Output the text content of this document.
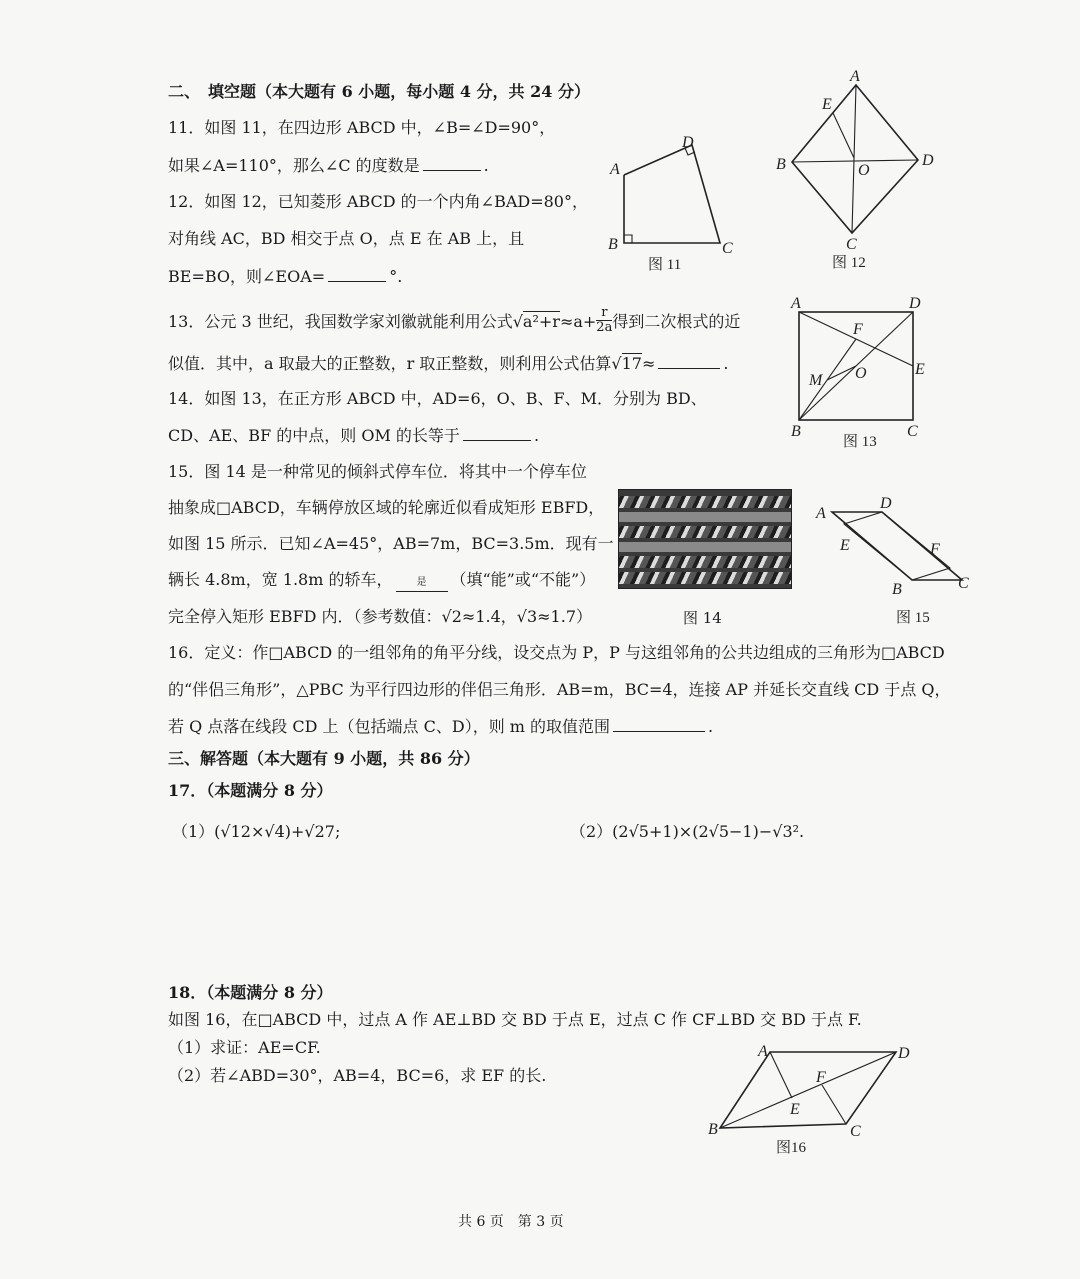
二、　填空题（本大题有 6 小题，每小题 4 分，共 24 分）
11．如图 11，在四边形 ABCD 中，∠B=∠D=90°，
如果∠A=110°，那么∠C 的度数是	.
12．如图 12，已知菱形 ABCD 的一个内角∠BAD=80°，
对角线 AC，BD 相交于点 O，点 E 在 AB 上，且
BE=BO，则∠EOA=	°.
13．公元 3 世纪，我国数学家刘徽就能利用公式$√a^2+r\approx a+ \frac{r}{2a}$ 得到二次根式的近
似值．其中，a 取最大的正整数，r 取正整数，则利用公式估算√17≈	.
14．如图 13，在正方形 ABCD 中，AD=6，O、B、F、M．分别为 BD、
CD、AE、BF 的中点，则 OM 的长等于	.
15．图 14 是一种常见的倾斜式停车位．将其中一个停车位
抽象成□ABCD，车辆停放区域的轮廓近似看成矩形 EBFD，
如图 15 所示．已知∠A=45°，AB=7m，BC=3.5m．现有一
辆长 4.8m，宽 1.8m 的轿车， 是 （填“能”或“不能”）
完全停入矩形 EBFD 内．（参考数值：√2≈1.4，√3≈1.7）
16．定义：作□ABCD 的一组邻角的角平分线，设交点为 P，P 与这组邻角的公共边组成的三角形为□ABCD
的“伴侣三角形”，△PBC 为平行四边形的伴侣三角形．AB=m，BC=4，连接 AP 并延长交直线 CD 于点 Q，
若 Q 点落在线段 CD 上（包括端点 C、D），则 m 的取值范围	.
三、解答题（本大题有 9 小题，共 86 分）
17．（本题满分 8 分）
（1）(√12×√4)+√27;	（2）(2√5+1)×(2√5−1)−√3².
18．（本题满分 8 分）
如图 16，在□ABCD 中，过点 A 作 AE⊥BD 交 BD 于点 E，过点 C 作 CF⊥BD 交 BD 于点 F.
（1）求证：AE=CF.
（2）若∠ABD=30°，AB=4，BC=6，求 EF 的长.
共 6 页　第 3 页
A
B	C
D
图 11
A
B
C
D
E
O
图 12
A
B	C
D
E
F
M O
图 13
图 14
A
B	C
D
E	F
图 15
A
B	C
D
E
F
图16
